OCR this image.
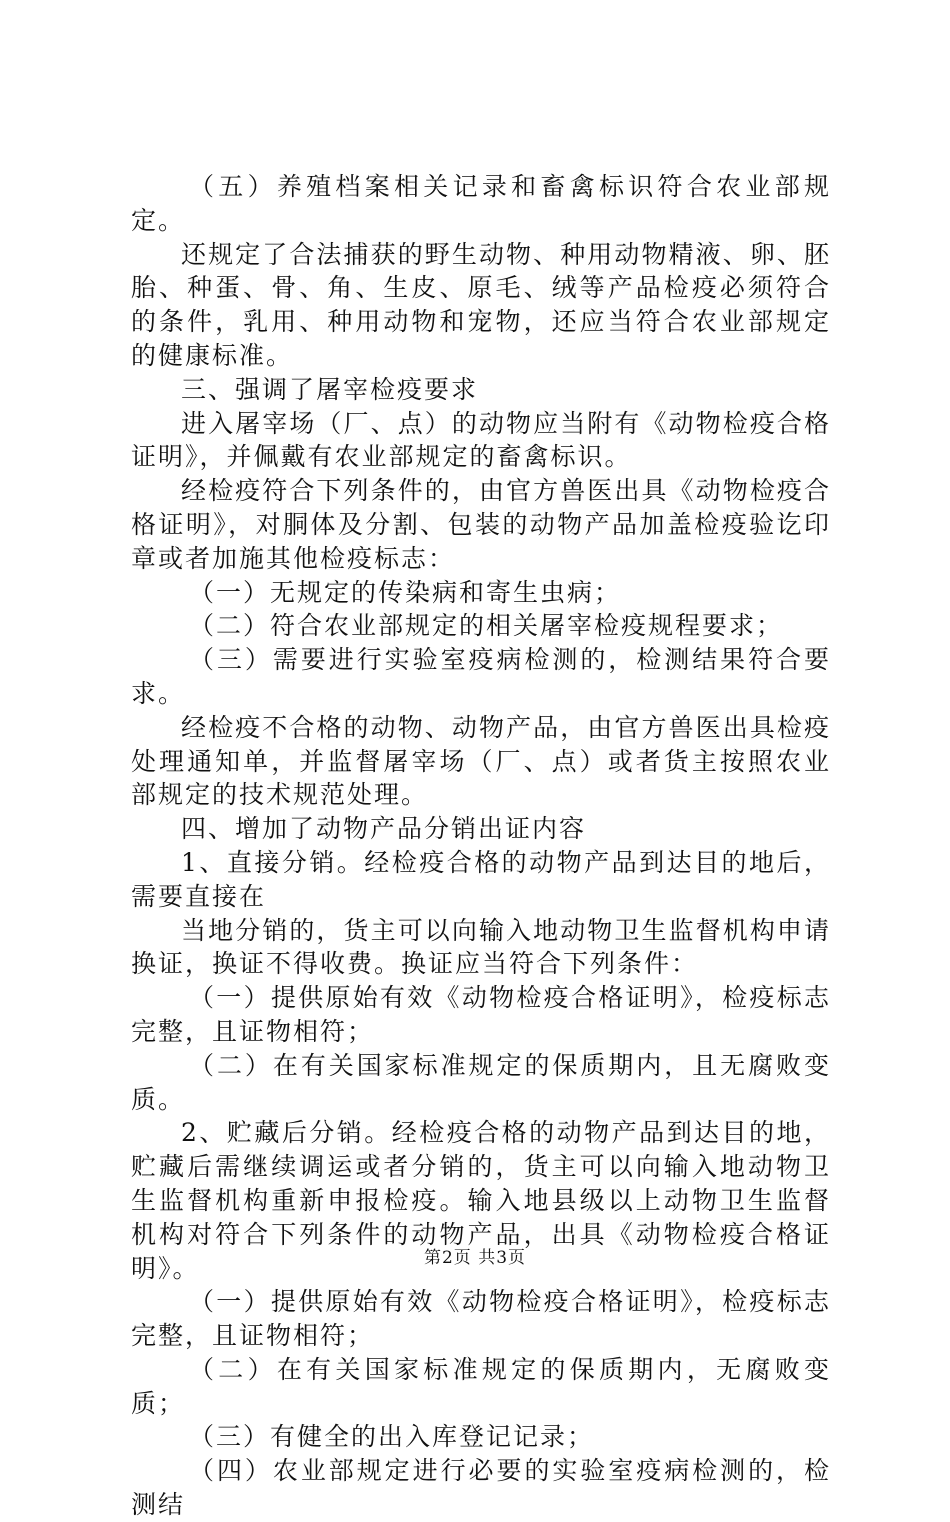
（五）养殖档案相关记录和畜禽标识符合农业部规定。

还规定了合法捕获的野生动物、种用动物精液、卵、胚胎、种蛋、骨、角、生皮、原毛、绒等产品检疫必须符合的条件，乳用、种用动物和宠物，还应当符合农业部规定的健康标准。

三、强调了屠宰检疫要求

进入屠宰场（厂、点）的动物应当附有《动物检疫合格证明》，并佩戴有农业部规定的畜禽标识。

经检疫符合下列条件的，由官方兽医出具《动物检疫合格证明》，对胴体及分割、包装的动物产品加盖检疫验讫印章或者加施其他检疫标志：

（一）无规定的传染病和寄生虫病；

（二）符合农业部规定的相关屠宰检疫规程要求；

（三）需要进行实验室疫病检测的，检测结果符合要求。

经检疫不合格的动物、动物产品，由官方兽医出具检疫处理通知单，并监督屠宰场（厂、点）或者货主按照农业部规定的技术规范处理。

四、增加了动物产品分销出证内容

1、直接分销。经检疫合格的动物产品到达目的地后，需要直接在

当地分销的，货主可以向输入地动物卫生监督机构申请换证，换证不得收费。换证应当符合下列条件：

（一）提供原始有效《动物检疫合格证明》，检疫标志完整，且证物相符；

（二）在有关国家标准规定的保质期内，且无腐败变质。

2、贮藏后分销。经检疫合格的动物产品到达目的地，贮藏后需继续调运或者分销的，货主可以向输入地动物卫生监督机构重新申报检疫。输入地县级以上动物卫生监督机构对符合下列条件的动物产品，出具《动物检疫合格证明》。

（一）提供原始有效《动物检疫合格证明》，检疫标志完整，且证物相符；

（二）在有关国家标准规定的保质期内，无腐败变质；

（三）有健全的出入库登记记录；

（四）农业部规定进行必要的实验室疫病检测的，检测结

第2页 共3页
